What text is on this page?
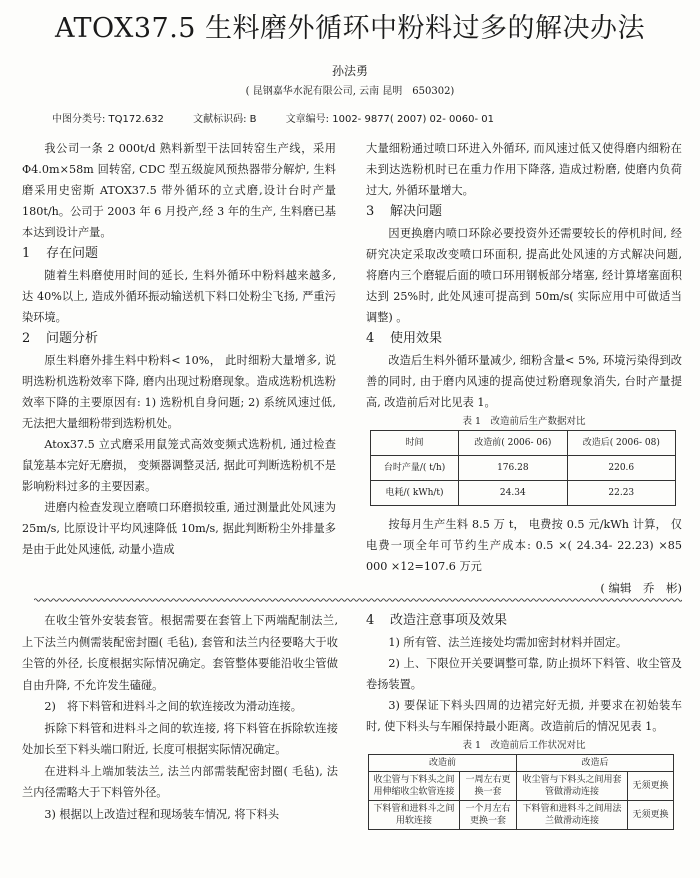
ATOX37.5 生料磨外循环中粉料过多的解决办法
孙法勇
( 昆钢嘉华水泥有限公司, 云南 昆明　650302)
中图分类号: TQ172.632	文献标识码: B	文章编号: 1002- 9877( 2007) 02- 0060- 01

我公司一条 2 000t/d 熟料新型干法回转窑生产线，采用 Φ4.0m×58m 回转窑, CDC 型五级旋风预热器带分解炉, 生料磨采用史密斯 ATOX37.5 带外循环的立式磨,设计台时产量 180t/h。公司于 2003 年 6 月投产,经 3 年的生产, 生料磨已基本达到设计产量。

1 存在问题

随着生料磨使用时间的延长, 生料外循环中粉料越来越多, 达 40%以上, 造成外循环振动输送机下料口处粉尘飞扬, 严重污染环境。

2 问题分析

原生料磨外排生料中粉料< 10%， 此时细粉大量增多, 说明选粉机选粉效率下降, 磨内出现过粉磨现象。造成选粉机选粉效率下降的主要原因有: 1) 选粉机自身问题; 2) 系统风速过低, 无法把大量细粉带到选粉机处。

Atox37.5 立式磨采用鼠笼式高效变频式选粉机, 通过检查鼠笼基本完好无磨损， 变频器调整灵活, 据此可判断选粉机不是影响粉料过多的主要因素。

进磨内检查发现立磨喷口环磨损较重, 通过测量此处风速为 25m/s, 比原设计平均风速降低 10m/s, 据此判断粉尘外排量多是由于此处风速低, 动量小造成

大量细粉通过喷口环进入外循环, 而风速过低又使得磨内细粉在未到达选粉机时已在重力作用下降落, 造成过粉磨, 使磨内负荷过大, 外循环量增大。

3 解决问题

因更换磨内喷口环除必要投资外还需要较长的停机时间, 经研究决定采取改变喷口环面积, 提高此处风速的方式解决问题, 将磨内三个磨辊后面的喷口环用钢板部分堵塞, 经计算堵塞面积达到 25%时, 此处风速可提高到 50m/s( 实际应用中可做适当调整) 。

4 使用效果

改造后生料外循环量减少, 细粉含量< 5%, 环境污染得到改善的同时, 由于磨内风速的提高使过粉磨现象消失, 台时产量提高, 改造前后对比见表 1。

表 1　改造前后生产数据对比
时间	改造前( 2006- 06)	改造后( 2006- 08)
台时产量/( t/h)	176.28	220.6
电耗/( kWh/t)	24.34	22.23

按每月生产生料 8.5 万 t， 电费按 0.5 元/kWh 计算， 仅电费一项全年可节约生产成本: 0.5 ×( 24.34- 22.23) ×85 000 ×12=107.6 万元

( 编辑　乔　彬)

在收尘管外安装套管。根据需要在套管上下两端配制法兰, 上下法兰内侧需装配密封圈( 毛毡), 套管和法兰内径要略大于收尘管的外径, 长度根据实际情况确定。套管整体要能沿收尘管做自由升降, 不允许发生磕碰。

2)　将下料管和进料斗之间的软连接改为滑动连接。

拆除下料管和进料斗之间的软连接, 将下料管在拆除软连接处加长至下料头端口附近, 长度可根据实际情况确定。

在进料斗上端加装法兰, 法兰内部需装配密封圈( 毛毡), 法兰内径需略大于下料管外径。

3) 根据以上改造过程和现场装车情况, 将下料头

4 改造注意事项及效果

1) 所有管、法兰连接处均需加密封材料并固定。

2) 上、下限位开关要调整可靠, 防止损坏下料管、收尘管及卷扬装置。

3) 要保证下料头四周的边裙完好无损, 并要求在初始装车时, 使下料头与车厢保持最小距离。改造前后的情况见表 1。

表 1　改造前后工作状况对比
改造前		改造后	
收尘管与下料头之间用伸缩收尘软管连接	一周左右更换一套	收尘管与下料头之间用套管做滑动连接	无须更换
下料管和进料斗之间用软连接	一个月左右更换一套	下料管和进料斗之间用法兰做滑动连接	无须更换
